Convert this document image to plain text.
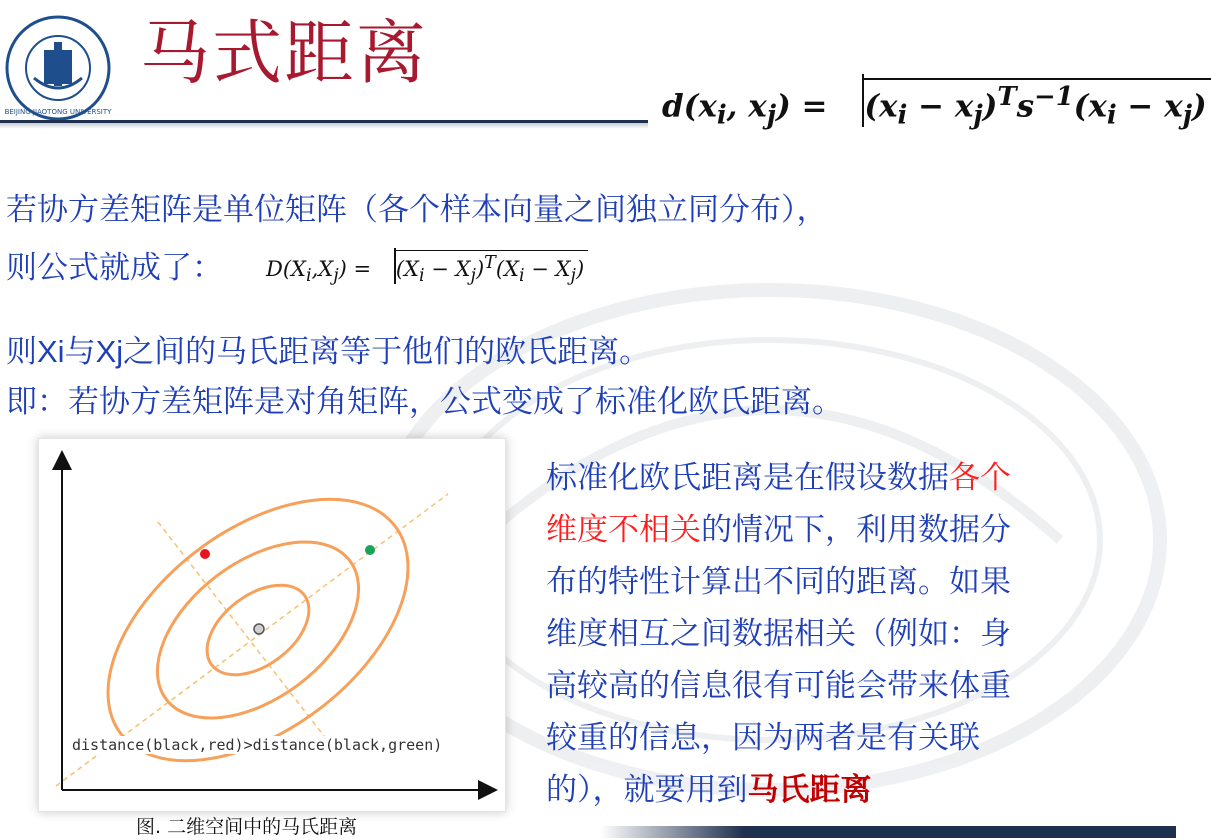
BEIJING JIAOTONG UNIVERSITY
马式距离
$d(x_i$, $x_j) = (x_i - x_j)^Ts^{-1}(x_i - x_j)$
若协方差矩阵是单位矩阵（各个样本向量之间独立同分布），
则公式就成了： $D(X_i,X_j) = (X_i - X_j)^T(X_i - X_j)$
则Xi与Xj之间的马氏距离等于他们的欧氏距离。
即：若协方差矩阵是对角矩阵，公式变成了标准化欧氏距离。
distance(black,red)>distance(black,green)
图. 二维空间中的马氏距离
标准化欧氏距离是在假设数据各个
维度不相关的情况下，利用数据分
布的特性计算出不同的距离。如果
维度相互之间数据相关（例如：身
高较高的信息很有可能会带来体重
较重的信息，因为两者是有关联
的），就要用到马氏距离
